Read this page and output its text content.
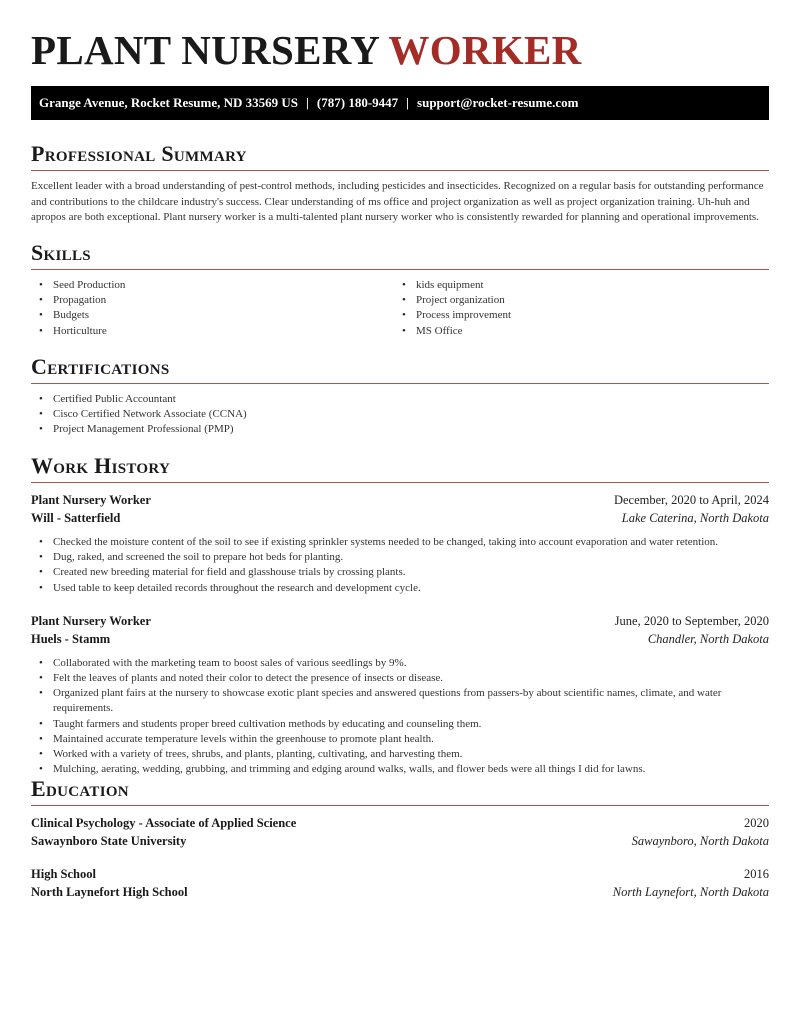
PLANT NURSERY WORKER
Grange Avenue, Rocket Resume, ND 33569 US | (787) 180-9447 | support@rocket-resume.com
Professional Summary
Excellent leader with a broad understanding of pest-control methods, including pesticides and insecticides. Recognized on a regular basis for outstanding performance and contributions to the childcare industry's success. Clear understanding of ms office and project organization as well as project organization training. Uh-huh and apropos are both exceptional. Plant nursery worker is a multi-talented plant nursery worker who is consistently rewarded for planning and operational improvements.
Skills
• Seed Production
• Propagation
• Budgets
• Horticulture
• kids equipment
• Project organization
• Process improvement
• MS Office
Certifications
• Certified Public Accountant
• Cisco Certified Network Associate (CCNA)
• Project Management Professional (PMP)
Work History
Plant Nursery Worker	December, 2020 to April, 2024
Will - Satterfield	Lake Caterina, North Dakota
• Checked the moisture content of the soil to see if existing sprinkler systems needed to be changed, taking into account evaporation and water retention.
• Dug, raked, and screened the soil to prepare hot beds for planting.
• Created new breeding material for field and glasshouse trials by crossing plants.
• Used table to keep detailed records throughout the research and development cycle.
Plant Nursery Worker	June, 2020 to September, 2020
Huels - Stamm	Chandler, North Dakota
• Collaborated with the marketing team to boost sales of various seedlings by 9%.
• Felt the leaves of plants and noted their color to detect the presence of insects or disease.
• Organized plant fairs at the nursery to showcase exotic plant species and answered questions from passers-by about scientific names, climate, and water requirements.
• Taught farmers and students proper breed cultivation methods by educating and counseling them.
• Maintained accurate temperature levels within the greenhouse to promote plant health.
• Worked with a variety of trees, shrubs, and plants, planting, cultivating, and harvesting them.
• Mulching, aerating, wedding, grubbing, and trimming and edging around walks, walls, and flower beds were all things I did for lawns.
Education
Clinical Psychology - Associate of Applied Science	2020
Sawaynboro State University	Sawaynboro, North Dakota
High School	2016
North Laynefort High School	North Laynefort, North Dakota
